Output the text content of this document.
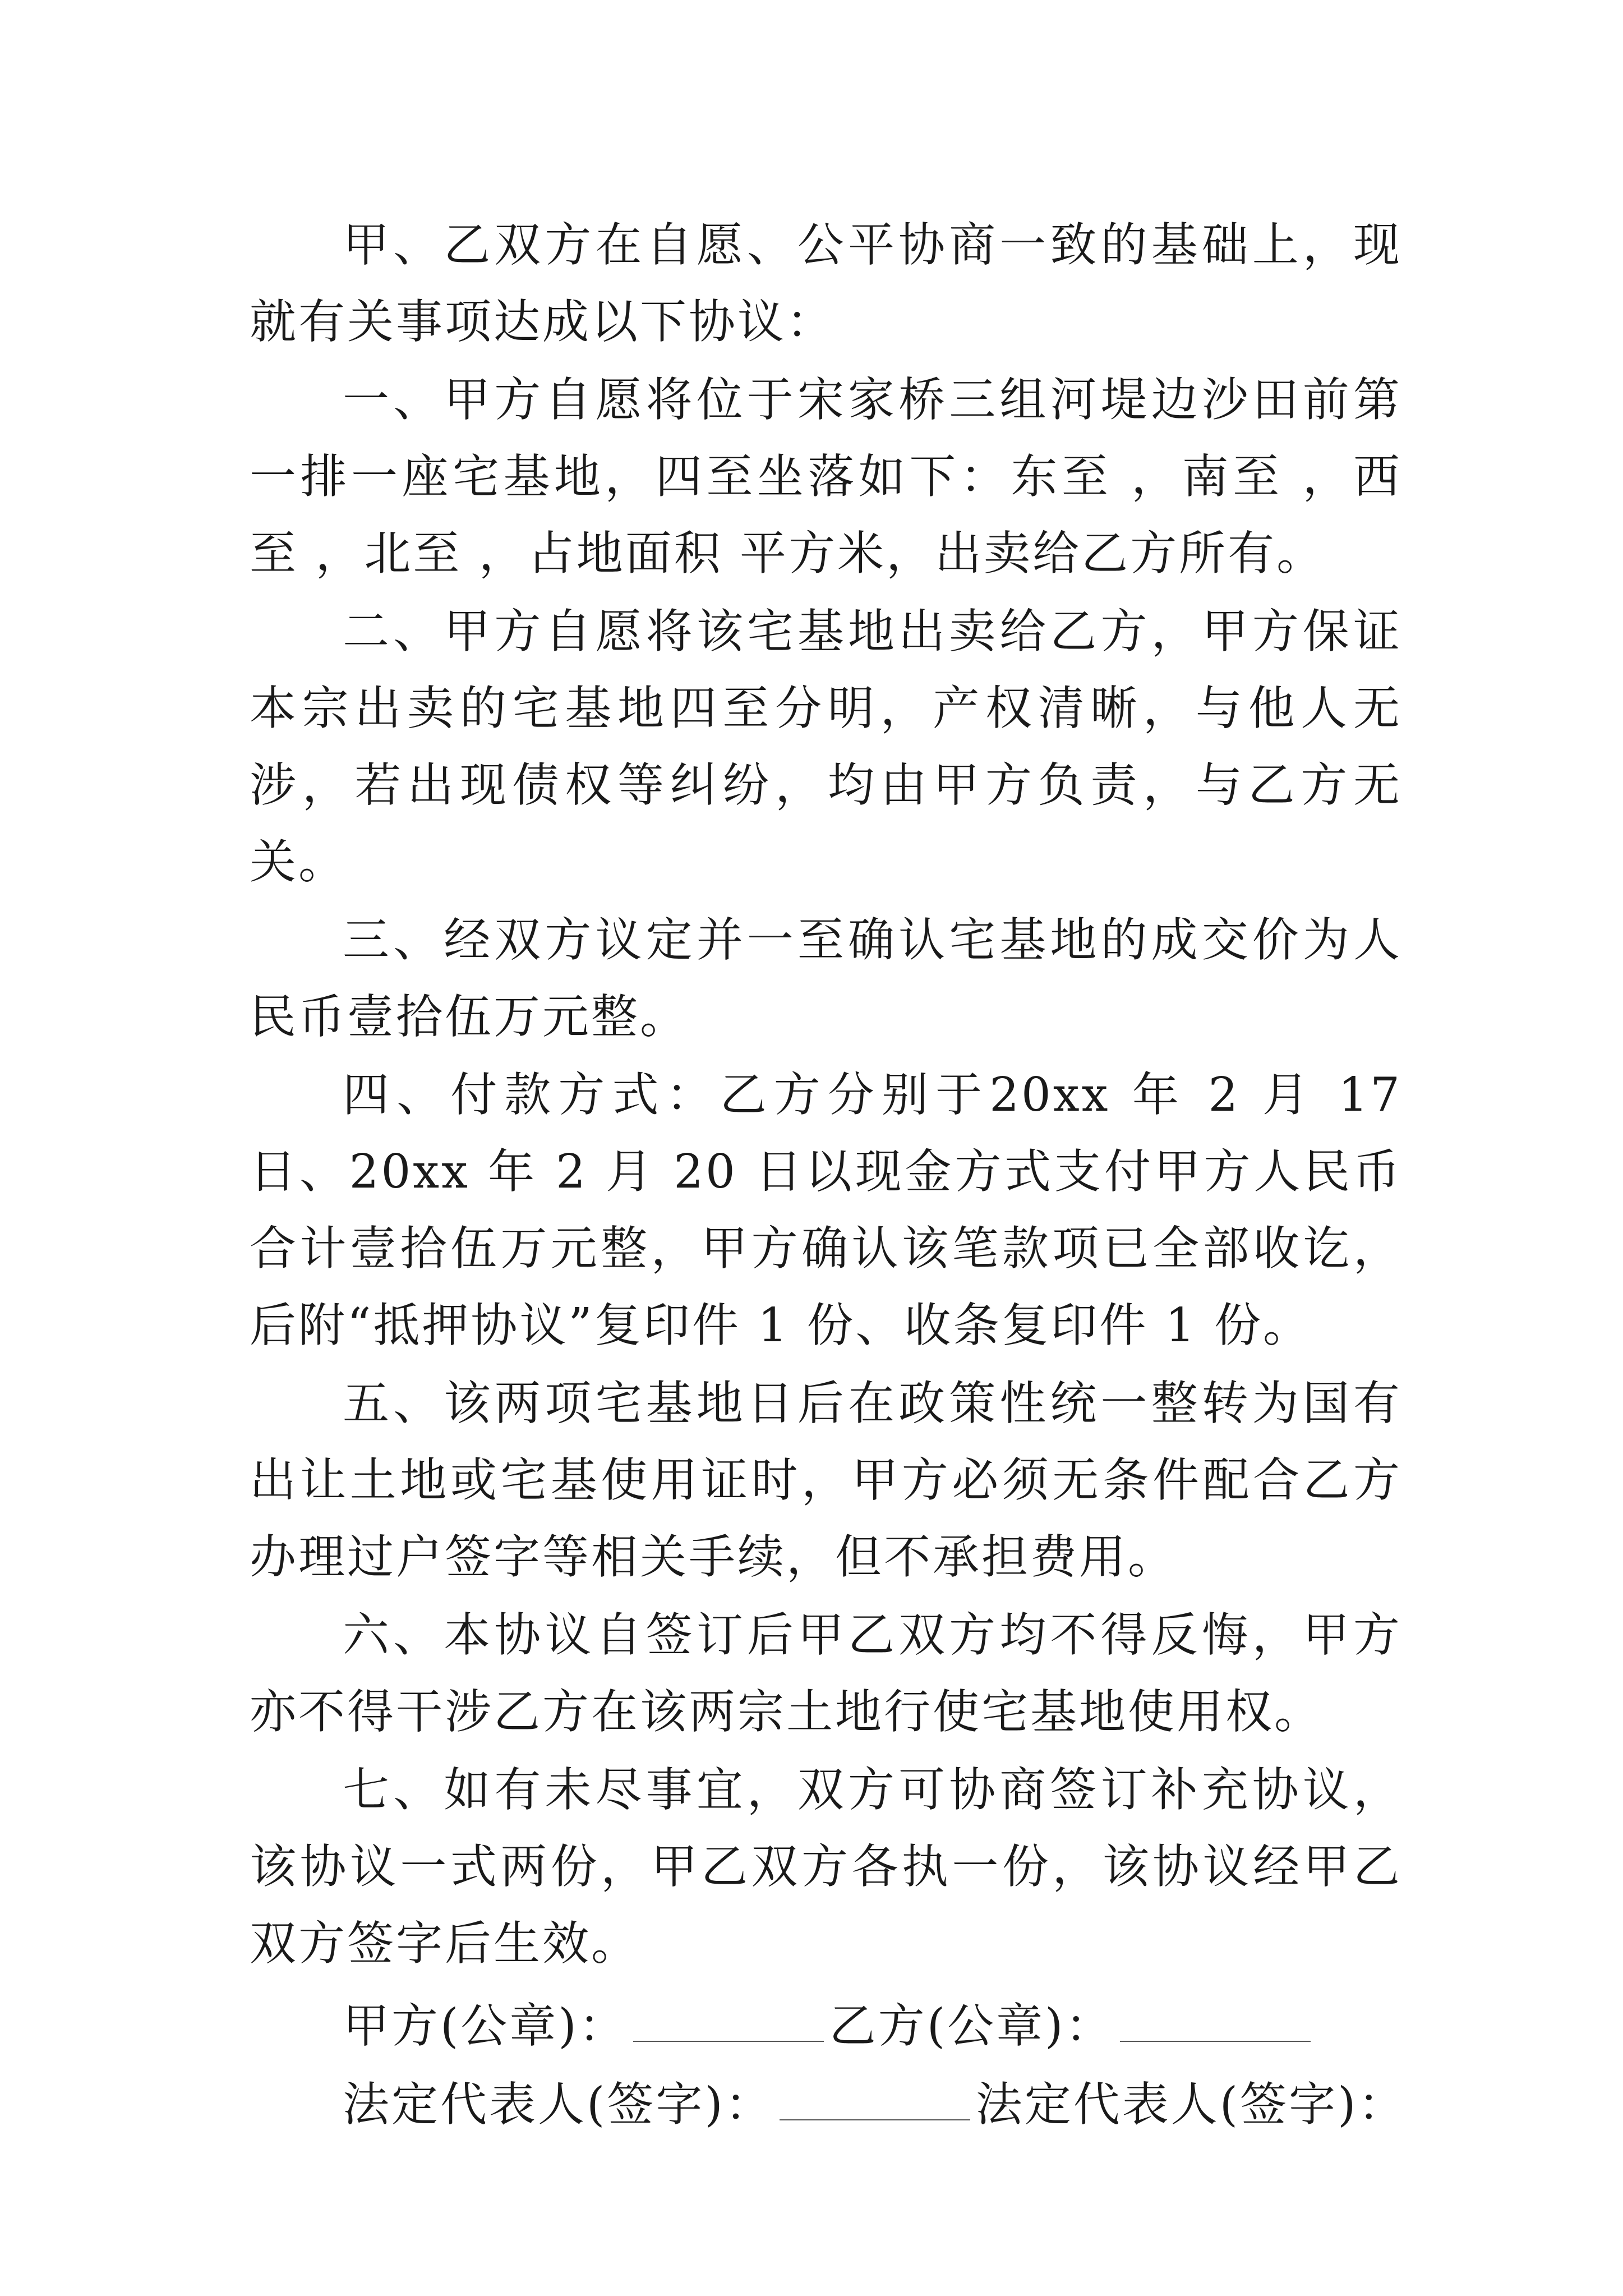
甲、乙双方在自愿、公平协商一致的基础上，现就有关事项达成以下协议：

一、甲方自愿将位于宋家桥三组河堤边沙田前第一排一座宅基地，四至坐落如下：东至 ，南至 ，西至 ，北至 ，占地面积 平方米，出卖给乙方所有。

二、甲方自愿将该宅基地出卖给乙方，甲方保证本宗出卖的宅基地四至分明，产权清晰，与他人无涉，若出现债权等纠纷，均由甲方负责，与乙方无关。

三、经双方议定并一至确认宅基地的成交价为人民币壹拾伍万元整。

四、付款方式：乙方分别于20xx 年 2 月 17 日、20xx 年 2 月 20 日以现金方式支付甲方人民币合计壹拾伍万元整，甲方确认该笔款项已全部收讫，后附“抵押协议”复印件 1 份、收条复印件 1 份。

五、该两项宅基地日后在政策性统一整转为国有出让土地或宅基使用证时，甲方必须无条件配合乙方办理过户签字等相关手续，但不承担费用。

六、本协议自签订后甲乙双方均不得反悔，甲方亦不得干涉乙方在该两宗土地行使宅基地使用权。

七、如有未尽事宜，双方可协商签订补充协议，该协议一式两份，甲乙双方各执一份，该协议经甲乙双方签字后生效。

甲方(公章)：	乙方(公章)：
法定代表人(签字)：	法定代表人(签字)：
